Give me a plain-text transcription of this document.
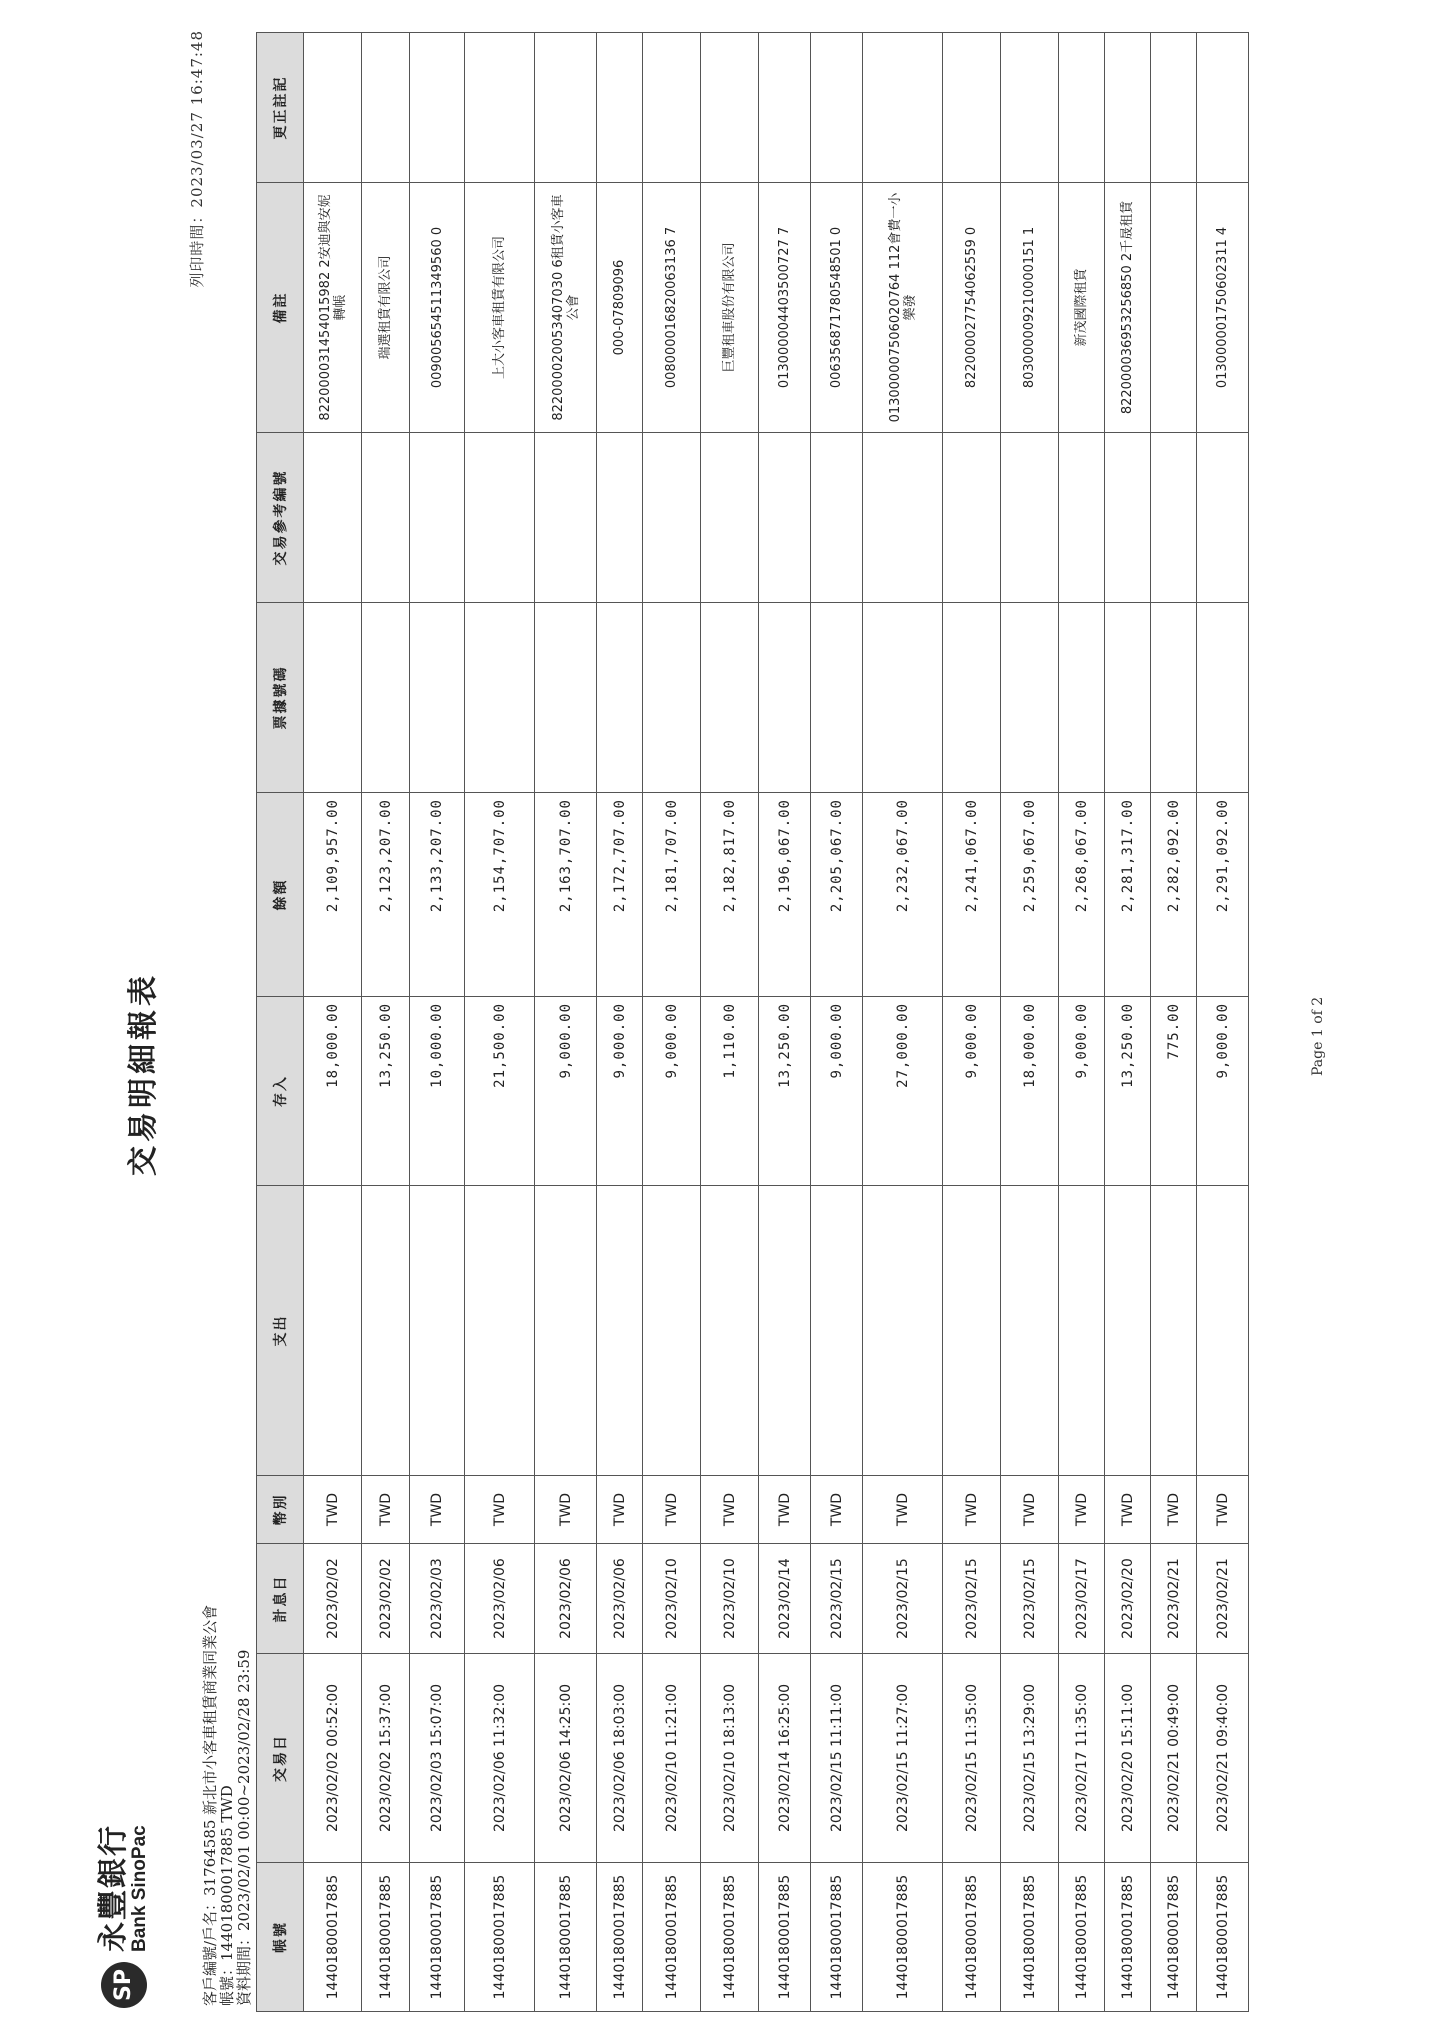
SP
永豐銀行
Bank SinoPac
交易明細報表
列印時間：2023/03/27 16:47:48
客戶編號/戶名：31764585 新北市小客車租賃商業同業公會 帳號：14401800017885 TWD 資料期間：2023/02/01 00:00~2023/02/28 23:59 帳號	交易日	計息日	幣別	支出	存入	餘額	票據號碼	交易參考編號	備註	更正註記
14401800017885	2023/02/02 00:52:00	2023/02/02	TWD		18,000.00	2,109,957.00			822000031454015982 2安迪與安妮轉帳	
14401800017885	2023/02/02 15:37:00	2023/02/02	TWD		13,250.00	2,123,207.00			瑞選租賃有限公司	
14401800017885	2023/02/03 15:07:00	2023/02/03	TWD		10,000.00	2,133,207.00			009005654511349560 0	
14401800017885	2023/02/06 11:32:00	2023/02/06	TWD		21,500.00	2,154,707.00			上大小客車租賃有限公司	
14401800017885	2023/02/06 14:25:00	2023/02/06	TWD		9,000.00	2,163,707.00			822000020053407030 6租賃小客車公會	
14401800017885	2023/02/06 18:03:00	2023/02/06	TWD		9,000.00	2,172,707.00			000-07809096	
14401800017885	2023/02/10 11:21:00	2023/02/10	TWD		9,000.00	2,181,707.00			008000016820063136 7	
14401800017885	2023/02/10 18:13:00	2023/02/10	TWD		1,110.00	2,182,817.00			巨豐租車股份有限公司	
14401800017885	2023/02/14 16:25:00	2023/02/14	TWD		13,250.00	2,196,067.00			013000004403500727 7	
14401800017885	2023/02/15 11:11:00	2023/02/15	TWD		9,000.00	2,205,067.00			006356871780548501 0	
14401800017885	2023/02/15 11:27:00	2023/02/15	TWD		27,000.00	2,232,067.00			013000007506020764 112會費一小樂發	
14401800017885	2023/02/15 11:35:00	2023/02/15	TWD		9,000.00	2,241,067.00			822000027754062559 0	
14401800017885	2023/02/15 13:29:00	2023/02/15	TWD		18,000.00	2,259,067.00			803000009210000151 1	
14401800017885	2023/02/17 11:35:00	2023/02/17	TWD		9,000.00	2,268,067.00			新茂國際租賃	
14401800017885	2023/02/20 15:11:00	2023/02/20	TWD		13,250.00	2,281,317.00			822000036953256850 2千晟租賃	
14401800017885	2023/02/21 00:49:00	2023/02/21	TWD		775.00	2,282,092.00				
14401800017885	2023/02/21 09:40:00	2023/02/21	TWD		9,000.00	2,291,092.00			013000001750602311 4	
Page 1 of 2
